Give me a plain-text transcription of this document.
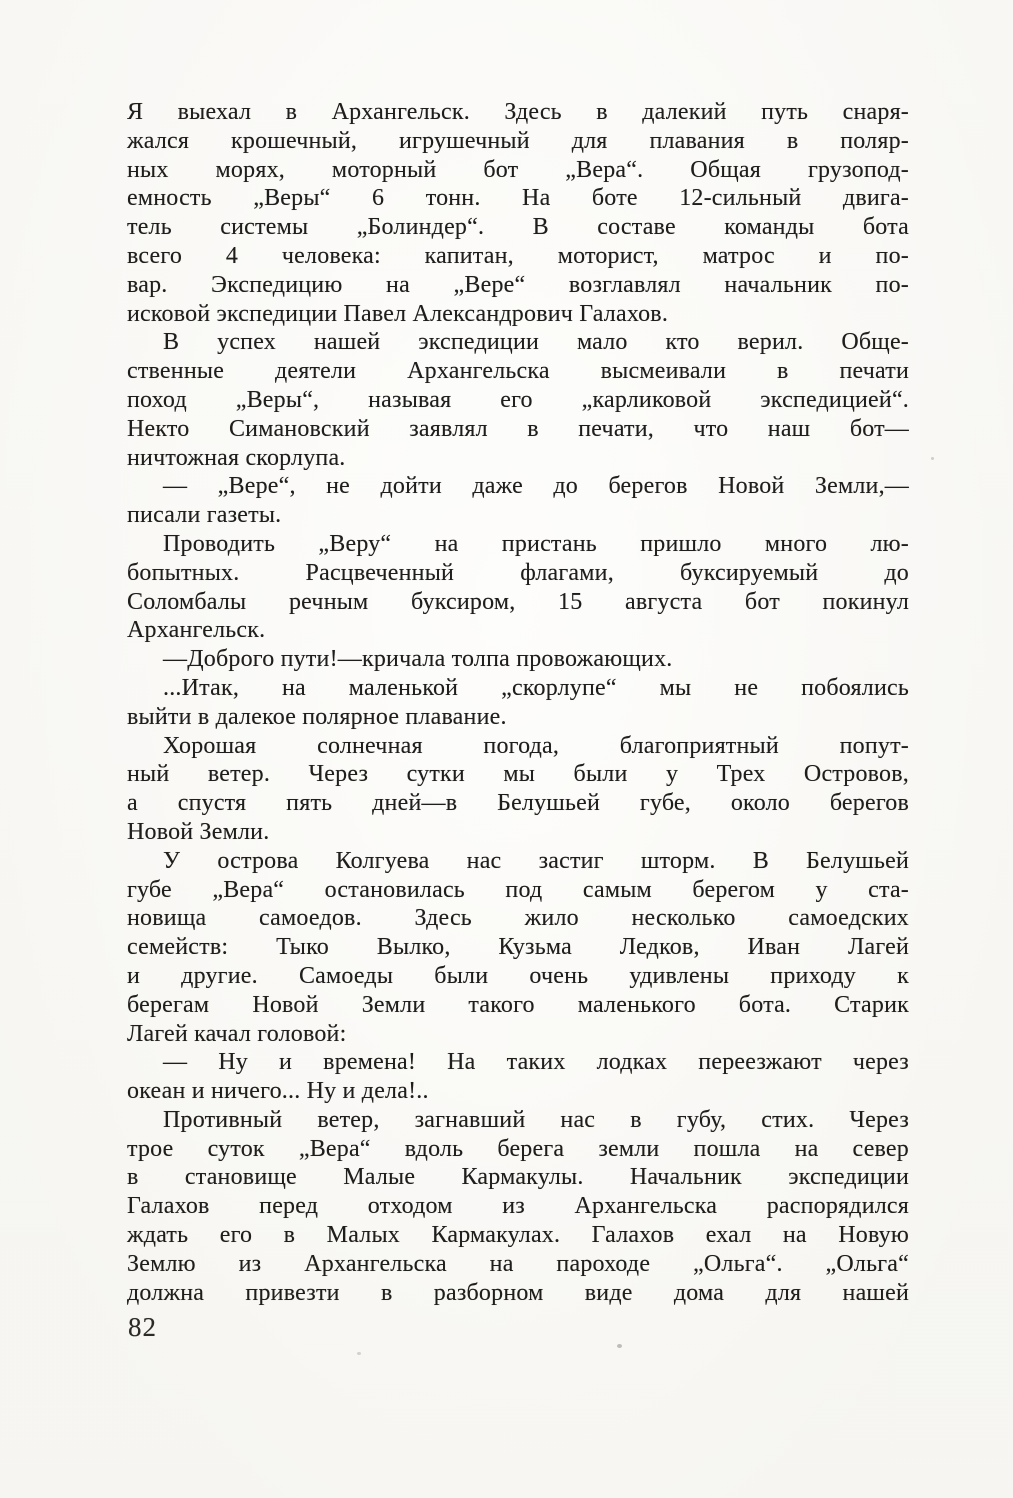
Я выехал в Архангельск. Здесь в далекий путь снаря-
жался крошечный, игрушечный для плавания в поляр-
ных морях, моторный бот „Вера“. Общая грузопод-
емность „Веры“ 6 тонн. На боте 12-сильный двига-
тель системы „Болиндер“. В составе команды бота
всего 4 человека: капитан, моторист, матрос и по-
вар. Экспедицию на „Вере“ возглавлял начальник по-
исковой экспедиции Павел Александрович Галахов.
В успех нашей экспедиции мало кто верил. Обще-
ственные деятели Архангельска высмеивали в печати
поход „Веры“, называя его „карликовой экспедицией“.
Некто Симановский заявлял в печати, что наш бот—
ничтожная скорлупа.
— „Вере“, не дойти даже до берегов Новой Земли,—
писали газеты.
Проводить „Веру“ на пристань пришло много лю-
бопытных. Расцвеченный флагами, буксируемый до
Соломбалы речным буксиром, 15 августа бот покинул
Архангельск.
—Доброго пути!—кричала толпа провожающих.
...Итак, на маленькой „скорлупе“ мы не побоялись
выйти в далекое полярное плавание.
Хорошая солнечная погода, благоприятный попут-
ный ветер. Через сутки мы были у Трех Островов,
а спустя пять дней—в Белушьей губе, около берегов
Новой Земли.
У острова Колгуева нас застиг шторм. В Белушьей
губе „Вера“ остановилась под самым берегом у ста-
новища самоедов. Здесь жило несколько самоедских
семейств: Тыко Вылко, Кузьма Ледков, Иван Лагей
и другие. Самоеды были очень удивлены приходу к
берегам Новой Земли такого маленького бота. Старик
Лагей качал головой:
— Ну и времена! На таких лодках переезжают через
океан и ничего... Ну и дела!..
Противный ветер, загнавший нас в губу, стих. Через
трое суток „Вера“ вдоль берега земли пошла на север
в становище Малые Кармакулы. Начальник экспедиции
Галахов перед отходом из Архангельска распорядился
ждать его в Малых Кармакулах. Галахов ехал на Новую
Землю из Архангельска на пароходе „Ольга“. „Ольга“
должна привезти в разборном виде дома для нашей
82
